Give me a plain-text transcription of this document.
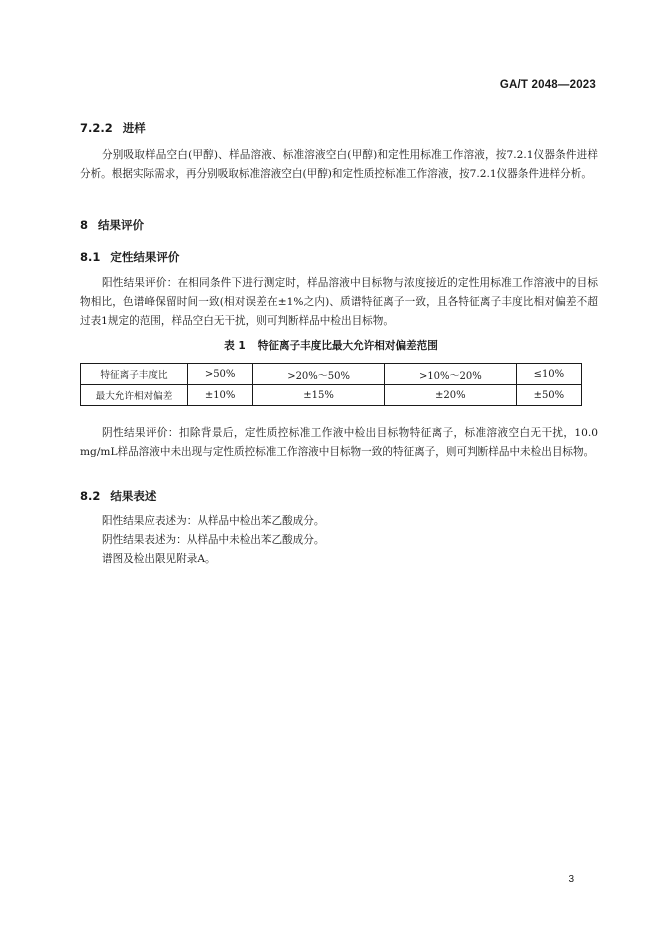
GA/T 2048—2023
7.2.2 进样
分别吸取样品空白(甲醇)、样品溶液、标准溶液空白(甲醇)和定性用标准工作溶液，按7.2.1仪器条件进样分析。根据实际需求，再分别吸取标准溶液空白(甲醇)和定性质控标准工作溶液，按7.2.1仪器条件进样分析。
8 结果评价
8.1 定性结果评价
阳性结果评价：在相同条件下进行测定时，样品溶液中目标物与浓度接近的定性用标准工作溶液中的目标物相比，色谱峰保留时间一致(相对误差在±1%之内)、质谱特征离子一致，且各特征离子丰度比相对偏差不超过表1规定的范围，样品空白无干扰，则可判断样品中检出目标物。
表 1 特征离子丰度比最大允许相对偏差范围
特征离子丰度比	>50%	>20%～50%	>10%～20%	≤10%
最大允许相对偏差	±10%	±15%	±20%	±50%
阴性结果评价：扣除背景后，定性质控标准工作液中检出目标物特征离子，标准溶液空白无干扰，10.0 mg/mL样品溶液中未出现与定性质控标准工作溶液中目标物一致的特征离子，则可判断样品中未检出目标物。
8.2 结果表述
阳性结果应表述为：从样品中检出苯乙酸成分。
阴性结果表述为：从样品中未检出苯乙酸成分。
谱图及检出限见附录A。
3
